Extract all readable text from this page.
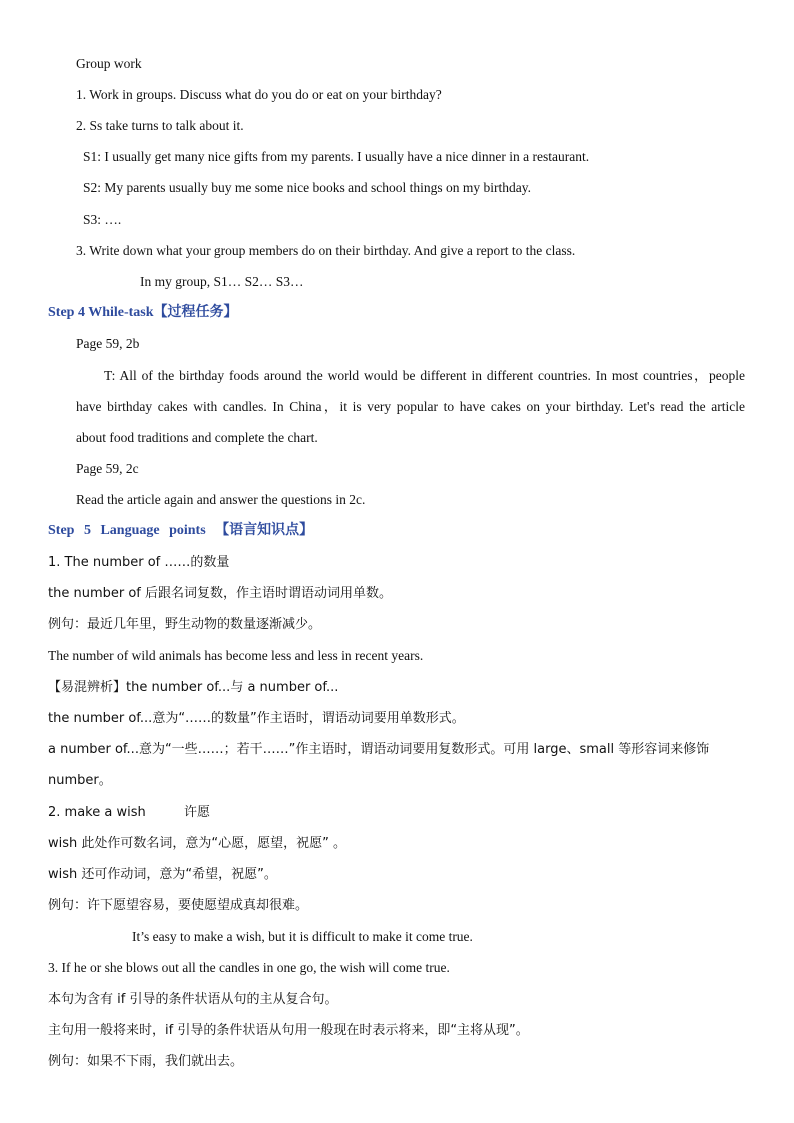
Group work
1. Work in groups. Discuss what do you do or eat on your birthday?
2. Ss take turns to talk about it.
S1: I usually get many nice gifts from my parents. I usually have a nice dinner in a restaurant.
S2: My parents usually buy me some nice books and school things on my birthday.
S3: ….
3. Write down what your group members do on their birthday. And give a report to the class.
In my group, S1… S2… S3…
Step 4 While-task【过程任务】
Page 59, 2b
T: All of the birthday foods around the world would be different in different countries. In most countries，people
have birthday cakes with candles. In China，it is very popular to have cakes on your birthday. Let's read the article
about food traditions and complete the chart.
Page 59, 2c
Read the article again and answer the questions in 2c.
Step 5 Language points 【语言知识点】
1. The number of ……的数量
the number of 后跟名词复数，作主语时谓语动词用单数。
例句：最近几年里，野生动物的数量逐渐减少。
The number of wild animals has become less and less in recent years.
【易混辨析】the number of...与 a number of...
the number of...意为“……的数量”作主语时，谓语动词要用单数形式。
a number of...意为“一些……；若干……”作主语时，谓语动词要用复数形式。可用 large、small 等形容词来修饰
number。
2. make a wish	许愿
wish 此处作可数名词，意为“心愿，愿望，祝愿” 。
wish 还可作动词，意为“希望，祝愿”。
例句：许下愿望容易，要使愿望成真却很难。
It’s easy to make a wish, but it is difficult to make it come true.
3. If he or she blows out all the candles in one go, the wish will come true.
本句为含有 if 引导的条件状语从句的主从复合句。
主句用一般将来时，if 引导的条件状语从句用一般现在时表示将来，即“主将从现”。
例句：如果不下雨，我们就出去。
